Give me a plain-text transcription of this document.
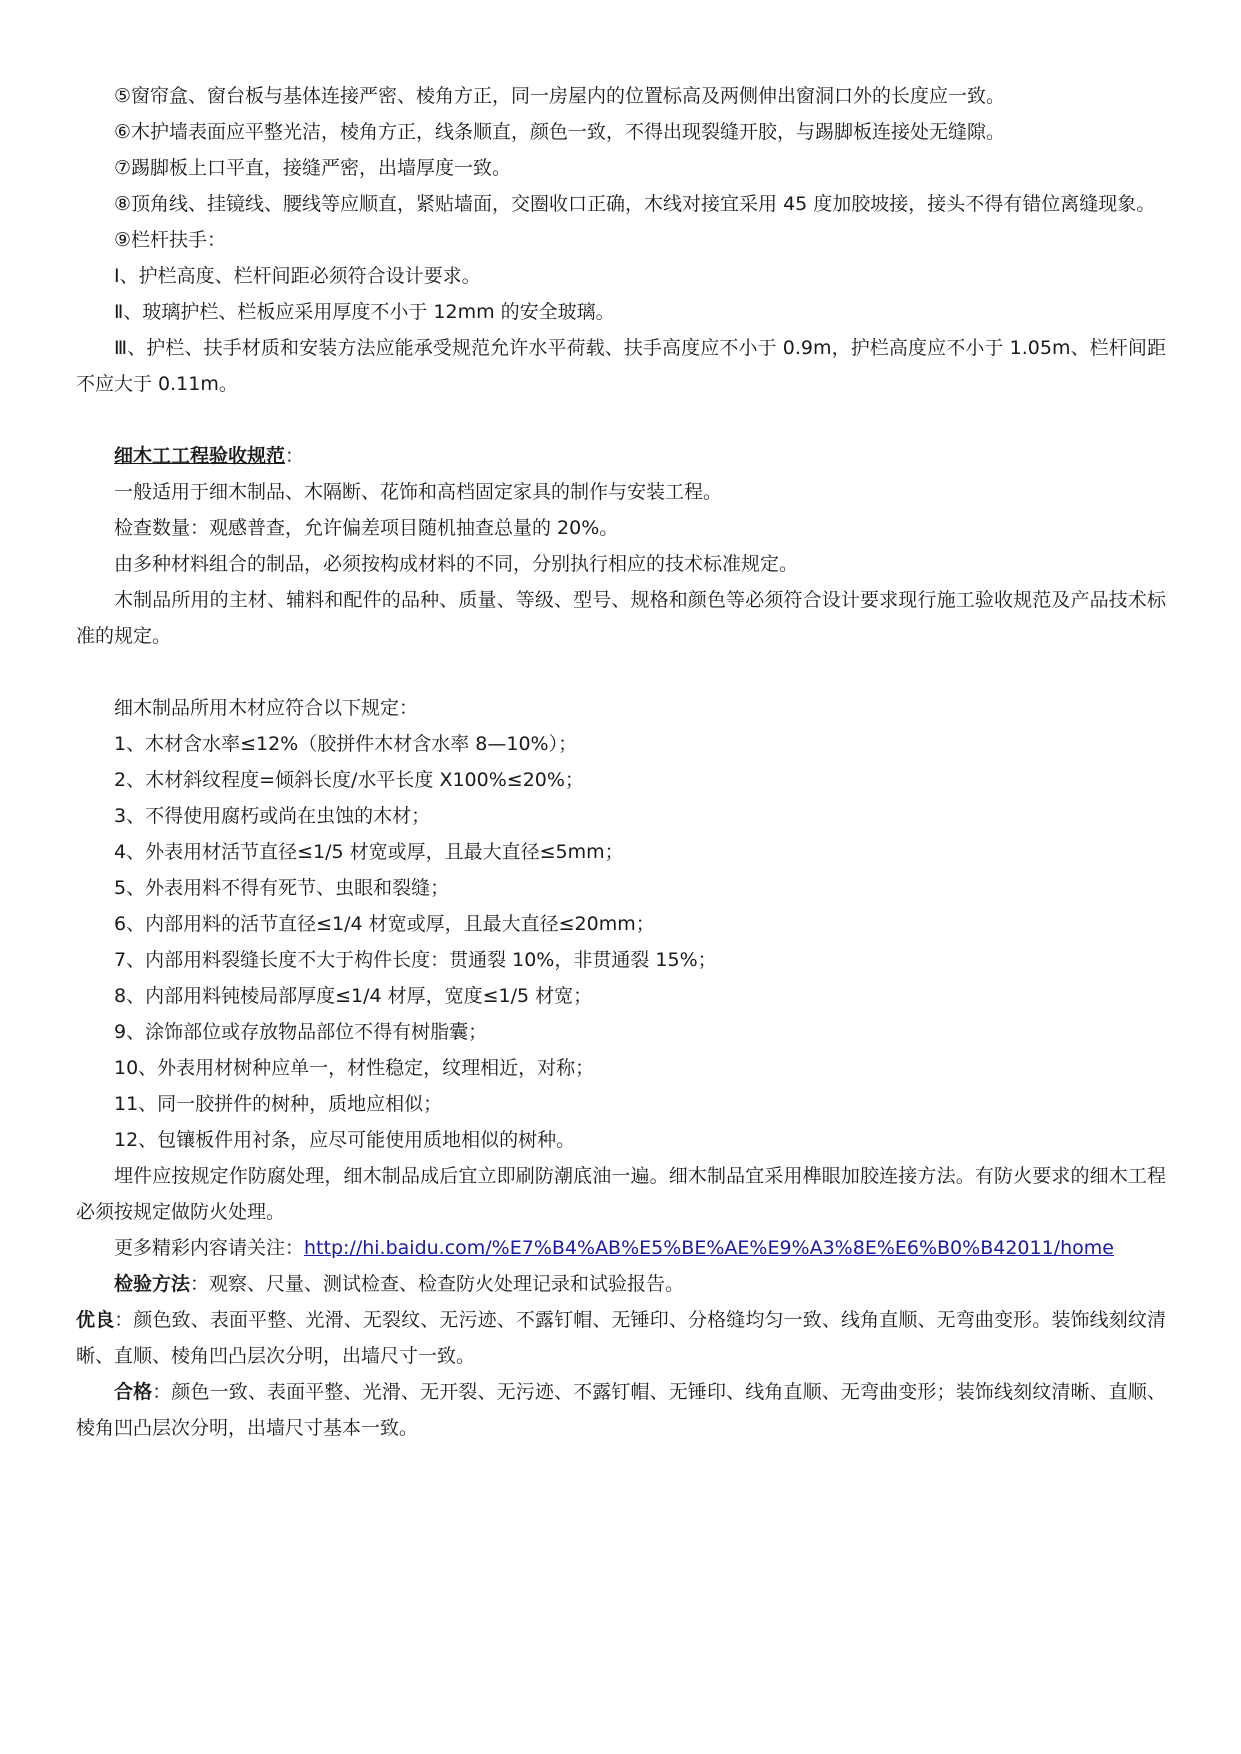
⑤窗帘盒、窗台板与基体连接严密、棱角方正，同一房屋内的位置标高及两侧伸出窗洞口外的长度应一致。

⑥木护墙表面应平整光洁，棱角方正，线条顺直，颜色一致，不得出现裂缝开胶，与踢脚板连接处无缝隙。

⑦踢脚板上口平直，接缝严密，出墙厚度一致。

⑧顶角线、挂镜线、腰线等应顺直，紧贴墙面，交圈收口正确，木线对接宜采用 45 度加胶坡接，接头不得有错位离缝现象。

⑨栏杆扶手：

Ⅰ、护栏高度、栏杆间距必须符合设计要求。

Ⅱ、玻璃护栏、栏板应采用厚度不小于 12mm 的安全玻璃。

Ⅲ、护栏、扶手材质和安装方法应能承受规范允许水平荷载、扶手高度应不小于 0.9m，护栏高度应不小于 1.05m、栏杆间距不应大于 0.11m。

细木工工程验收规范：

一般适用于细木制品、木隔断、花饰和高档固定家具的制作与安装工程。

检查数量：观感普查，允许偏差项目随机抽查总量的 20%。

由多种材料组合的制品，必须按构成材料的不同，分别执行相应的技术标准规定。

木制品所用的主材、辅料和配件的品种、质量、等级、型号、规格和颜色等必须符合设计要求现行施工验收规范及产品技术标准的规定。

细木制品所用木材应符合以下规定：

1、木材含水率≤12%（胶拼件木材含水率 8—10%）；

2、木材斜纹程度=倾斜长度/水平长度 X100%≤20%；

3、不得使用腐朽或尚在虫蚀的木材；

4、外表用材活节直径≤1/5 材宽或厚，且最大直径≤5mm；

5、外表用料不得有死节、虫眼和裂缝；

6、内部用料的活节直径≤1/4 材宽或厚，且最大直径≤20mm；

7、内部用料裂缝长度不大于构件长度：贯通裂 10%，非贯通裂 15%；

8、内部用料钝棱局部厚度≤1/4 材厚，宽度≤1/5 材宽；

9、涂饰部位或存放物品部位不得有树脂囊；

10、外表用材树种应单一，材性稳定，纹理相近，对称；

11、同一胶拼件的树种，质地应相似；

12、包镶板件用衬条，应尽可能使用质地相似的树种。

埋件应按规定作防腐处理，细木制品成后宜立即刷防潮底油一遍。细木制品宜采用榫眼加胶连接方法。有防火要求的细木工程必须按规定做防火处理。

更多精彩内容请关注：http://hi.baidu.com/%E7%B4%AB%E5%BE%AE%E9%A3%8E%E6%B0%B42011/home

检验方法：观察、尺量、测试检查、检查防火处理记录和试验报告。

优良：颜色致、表面平整、光滑、无裂纹、无污迹、不露钉帽、无锤印、分格缝均匀一致、线角直顺、无弯曲变形。装饰线刻纹清晰、直顺、棱角凹凸层次分明，出墙尺寸一致。

合格：颜色一致、表面平整、光滑、无开裂、无污迹、不露钉帽、无锤印、线角直顺、无弯曲变形；装饰线刻纹清晰、直顺、棱角凹凸层次分明，出墙尺寸基本一致。
